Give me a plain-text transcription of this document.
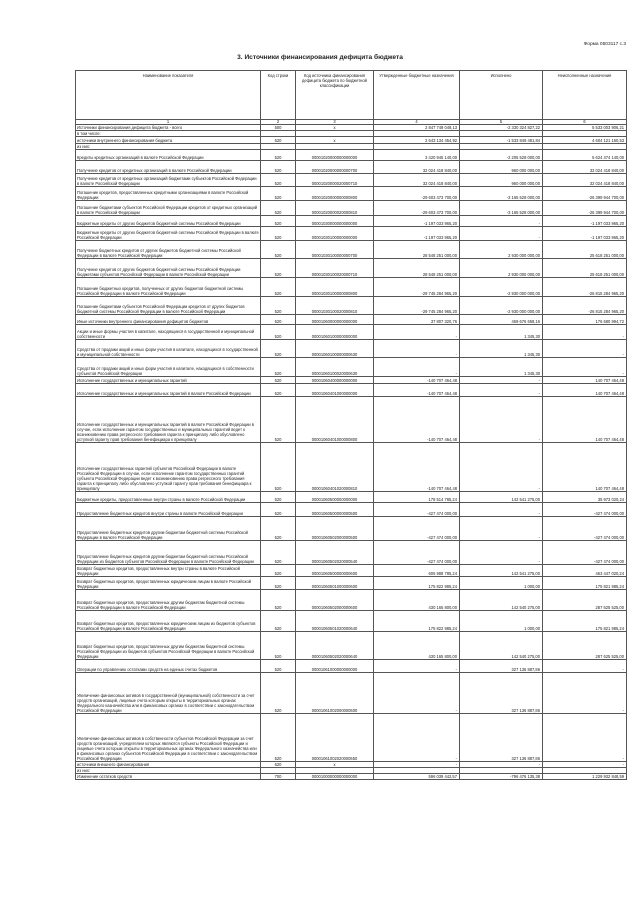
Форма 0503117 с.3
3. Источники финансирования дефицита бюджета
Наименование показателя	Код строки	Код источника финансирования дефицита бюджета по бюджетной классификации	Утвержденные бюджетные назначения	Исполнено	Неисполненные назначения
1	2	3	4	5	6
Источники финансирования дефицита бюджета - всего	500	x	2 847 749 049,13	-2 330 324 827,22	5 533 003 906,21
в том числе:					
источники внутреннего финансирования бюджета	520	x	2 643 134 454,92	-1 533 848 481,84	4 604 121 160,53
из них:					
Кредиты кредитных организаций в валюте Российской Федерации	520	00001020000000000000	3 420 945 140,00	-2 205 528 000,00	5 624 474 140,00
Получение кредитов от кредитных организаций в валюте Российской Федерации	520	00001020000000000700	32 024 418 840,00	960 000 000,00	32 024 418 840,00
Получение кредитов от кредитных организаций бюджетами субъектов Российской Федерации в валюте Российской Федерации	520	00001020000020000710	32 024 418 840,00	960 000 000,00	32 024 418 840,00
Погашение кредитов, предоставленных кредитными организациями в валюте Российской Федерации	520	00001020000000000800	-29 603 473 700,00	-3 165 528 000,00	-26 399 944 700,00
Погашение бюджетами субъектов Российской Федерации кредитов от кредитных организаций в валюте Российской Федерации	520	00001020000020000810	-29 603 473 700,00	-3 165 528 000,00	-26 399 944 700,00
Бюджетные кредиты от других бюджетов бюджетной системы Российской Федерации	520	00001030000000000000	-1 197 033 965,20	-	-1 197 033 965,20
Бюджетные кредиты от других бюджетов бюджетной системы Российской Федерации в валюте Российской Федерации	520	00001030100000000000	-1 197 033 965,20	-	-1 197 033 965,20
Получение бюджетных кредитов от других бюджетов бюджетной системы Российской Федерации в валюте Российской Федерации	520	00001030100000000700	28 548 251 000,00	2 930 000 000,00	25 618 251 000,00
Получение кредитов от других бюджетов бюджетной системы Российской Федерации бюджетами субъектов Российской Федерации в валюте Российской Федерации	520	00001030100020000710	28 548 251 000,00	2 930 000 000,00	25 618 251 000,00
Погашение бюджетных кредитов, полученных от других бюджетов бюджетной системы Российской Федерации в валюте Российской Федерации	520	00001030100000000800	-29 745 284 965,20	-2 930 000 000,00	-26 815 284 965,20
Погашение бюджетами субъектов Российской Федерации кредитов от других бюджетов бюджетной системы Российской Федерации в валюте Российской Федерации	520	00001030100020000810	-29 745 284 965,20	-2 930 000 000,00	-26 815 284 965,20
Иные источники внутреннего финансирования дефицитов бюджетов	520	00001060000000000000	37 807 320,76	469 676 658,16	176 680 994,72
Акции и иные формы участия в капитале, находящиеся в государственной и муниципальной собственности	520	00001060100000000000	-	1 345,30	-
Средства от продажи акций и иных форм участия в капитале, находящихся в государственной и муниципальной собственности	520	00001060100000000630	-	1 345,30	-
Средства от продажи акций и иных форм участия в капитале, находящихся в собственности субъектов Российской Федерации	520	00001060100020000630	-	1 345,30	-
Исполнение государственных и муниципальных гарантий	520	00001060400000000000	-140 707 464,48	-	140 707 464,48
Исполнение государственных и муниципальных гарантий в валюте Российской Федерации	520	00001060401000000000	-140 707 464,48	-	140 707 464,48
Исполнение государственных и муниципальных гарантий в валюте Российской Федерации в случае, если исполнение гарантом государственных и муниципальных гарантий ведет к возникновению права регрессного требования гаранта к принципалу либо обусловлено уступкой гаранту прав требования бенефициара к принципалу	520	00001060401000000800	-140 707 464,48	-	140 707 464,48
Исполнение государственных гарантий субъектов Российской Федерации в валюте Российской Федерации в случае, если исполнение гарантом государственных гарантий субъекта Российской Федерации ведет к возникновению права регрессного требования гаранта к принципалу либо обусловлено уступкой гаранту прав требования бенефициара к принципалу	520	00001060401020000810	-140 707 464,48	-	140 707 464,48
Бюджетные кредиты, предоставленные внутри страны в валюте Российской Федерации	520	00001060500000000000	178 514 785,24	142 541 275,00	35 973 020,24
Предоставление бюджетных кредитов внутри страны в валюте Российской Федерации	520	00001060500000000500	-427 474 000,00	-	-427 474 000,00
Предоставление бюджетных кредитов другим бюджетам бюджетной системы Российской Федерации в валюте Российской Федерации	520	00001060502000000500	-427 474 000,00	-	-427 474 000,00
Предоставление бюджетных кредитов другим бюджетам бюджетной системы Российской Федерации из бюджетов субъектов Российской Федерации в валюте Российской Федерации	520	00001060502020000540	-427 474 000,00	-	-427 474 000,00
Возврат бюджетных кредитов, предоставленных внутри страны в валюте Российской Федерации	520	00001060500000000600	605 988 785,24	142 541 275,00	463 447 020,24
Возврат бюджетных кредитов, предоставленных юридическим лицам в валюте Российской Федерации	520	00001060501000000600	175 822 985,24	1 000,00	175 821 985,24
Возврат бюджетных кредитов, предоставленных другим бюджетам бюджетной системы Российской Федерации в валюте Российской Федерации	520	00001060502000000600	430 165 800,00	142 540 275,00	287 625 525,00
Возврат бюджетных кредитов, предоставленных юридическим лицам из бюджетов субъектов Российской Федерации в валюте Российской Федерации	520	00001060501020000640	175 822 985,24	1 000,00	175 821 985,24
Возврат бюджетных кредитов, предоставленных другим бюджетам бюджетной системы Российской Федерации из бюджетов субъектов Российской Федерации в валюте Российской Федерации	520	00001060502020000640	430 165 800,00	142 540 275,00	287 625 525,00
Операции по управлению остатками средств на единых счетах бюджетов	520	00001061000000000000	-	327 136 887,86	-
Увеличение финансовых активов в государственной (муниципальной) собственности за счет средств организаций, лицевые счета которым открыты в территориальных органах Федерального казначейства или в финансовых органах в соответствии с законодательством Российской Федерации	520	00001061002000000500	-	327 136 887,86	-
Увеличение финансовых активов в собственности субъектов Российской Федерации за счет средств организаций, учредителем которых являются субъекты Российской Федерации и лицевые счета которым открыты в территориальных органах Федерального казначейства или в финансовых органах субъектов Российской Федерации в соответствии с законодательством Российской Федерации	520	00001061002020000550	-	327 136 887,86	-
источники внешнего финансирования	620	x	-	-	-
из них:					
Изменение остатков средств	700	00001000000000000000	596 039 442,57	-796 476 135,38	1 229 932 848,59
